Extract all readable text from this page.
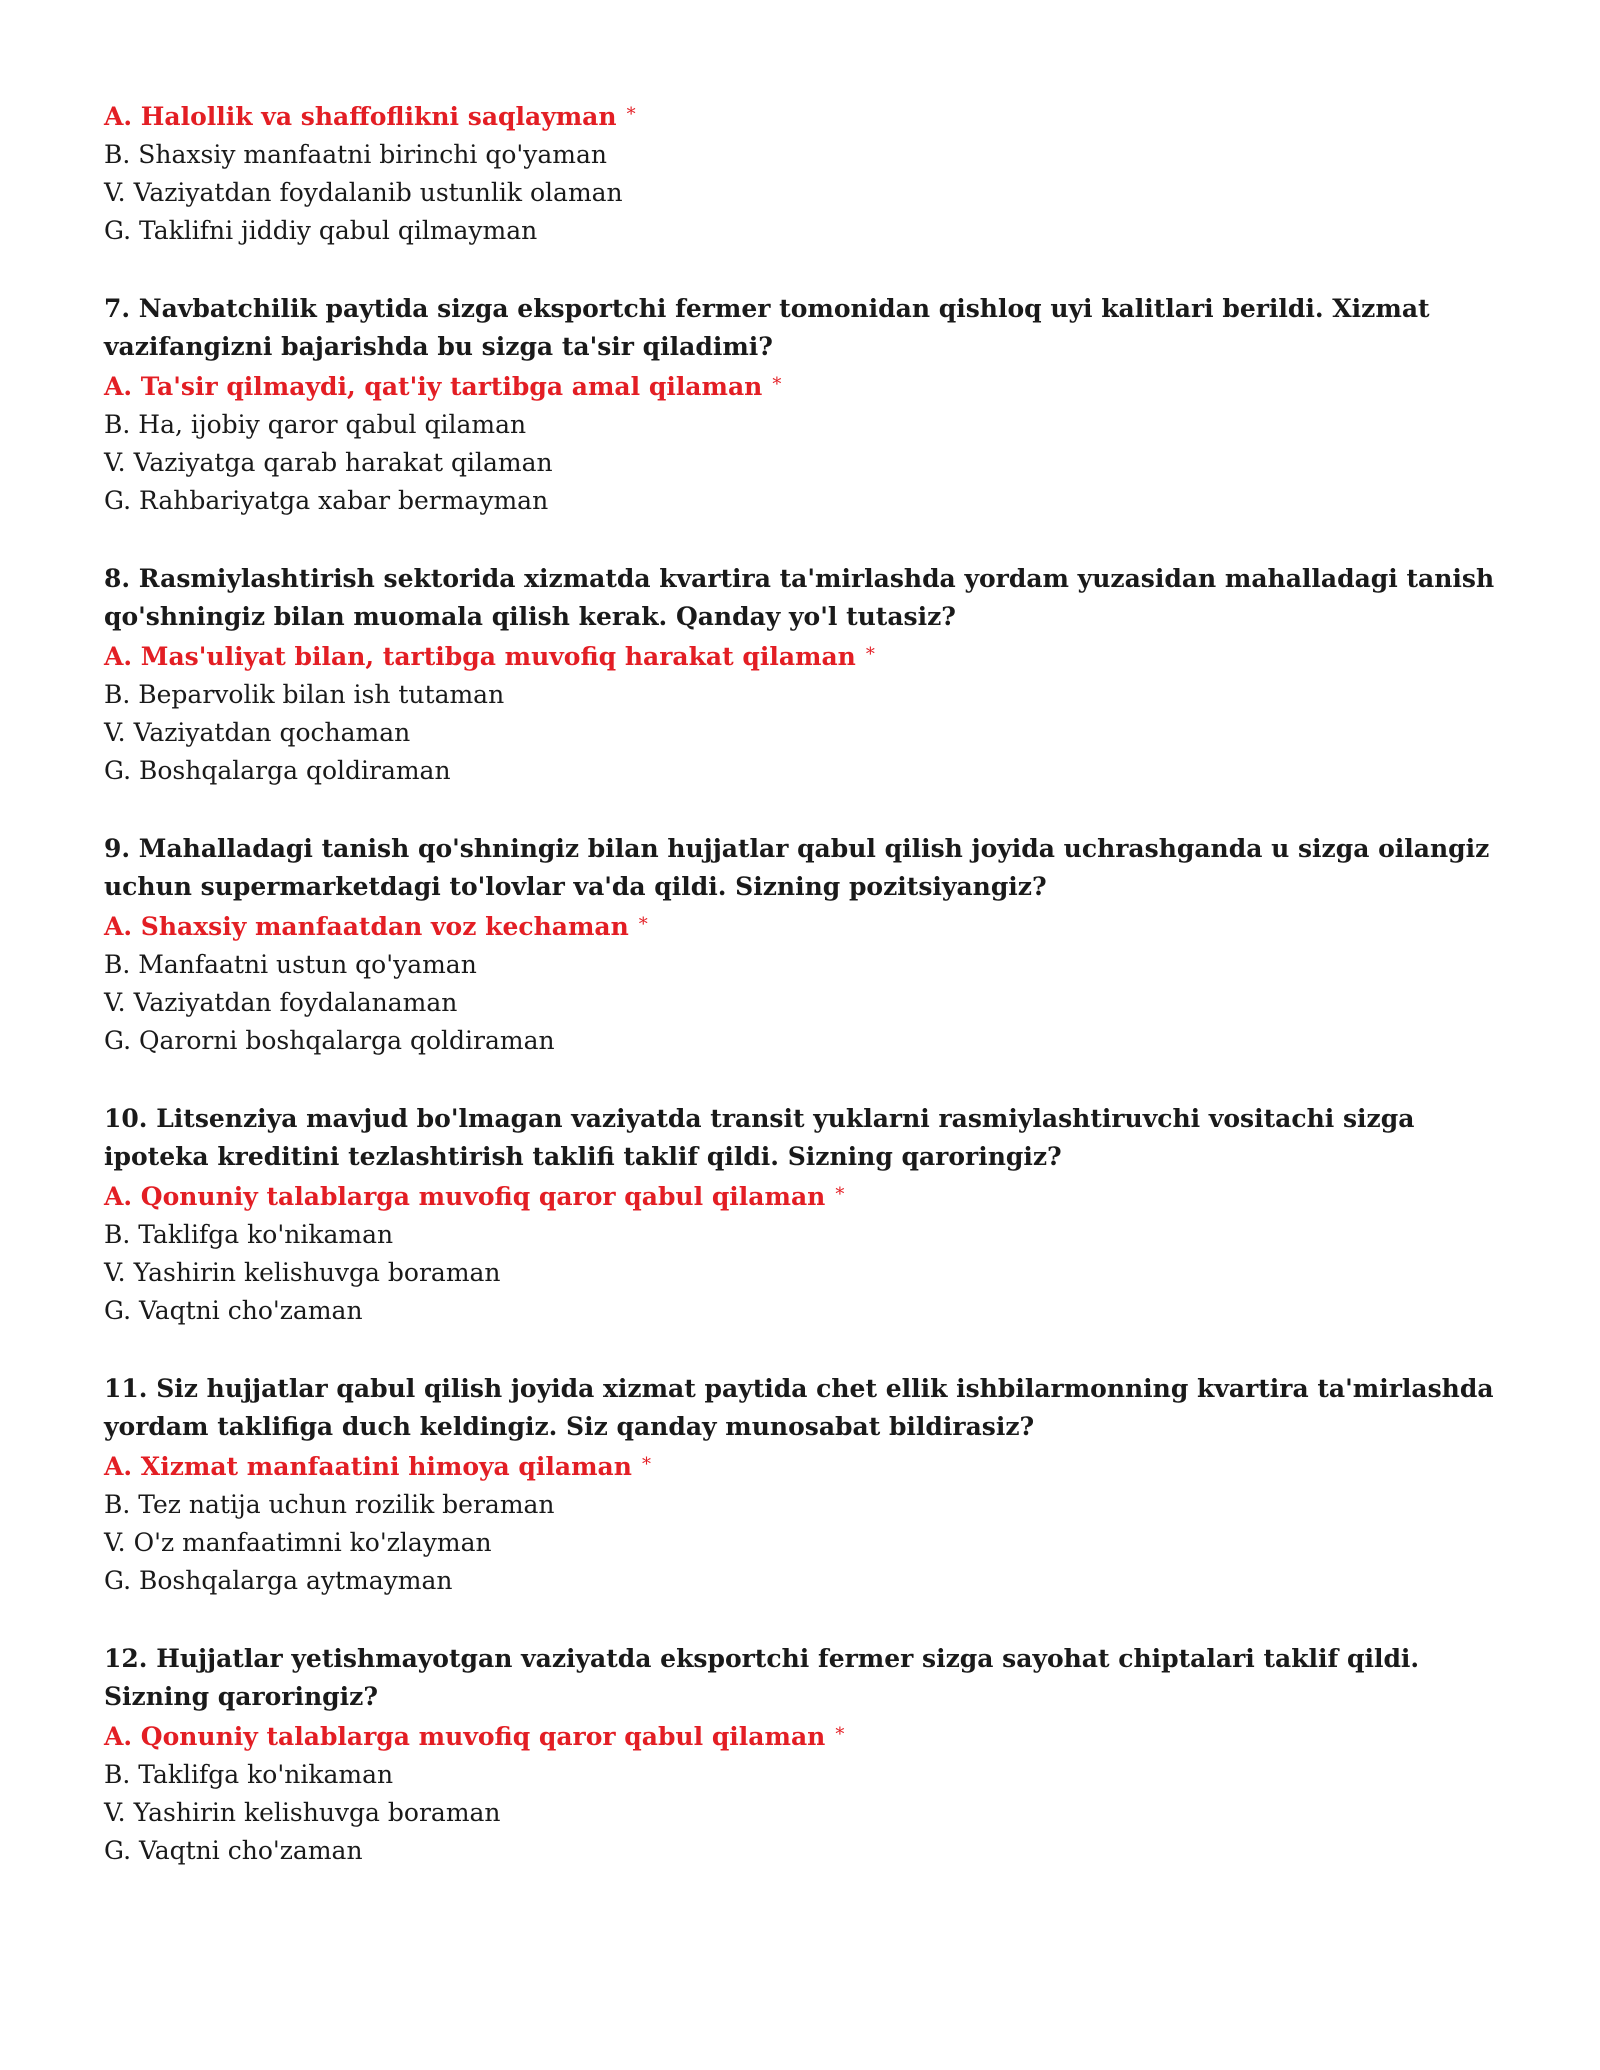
A. Halollik va shaffoflikni saqlayman *
B. Shaxsiy manfaatni birinchi qo'yaman
V. Vaziyatdan foydalanib ustunlik olaman
G. Taklifni jiddiy qabul qilmayman
7. Navbatchilik paytida sizga eksportchi fermer tomonidan qishloq uyi kalitlari berildi. Xizmat vazifangizni bajarishda bu sizga ta'sir qiladimi?
A. Ta'sir qilmaydi, qat'iy tartibga amal qilaman *
B. Ha, ijobiy qaror qabul qilaman
V. Vaziyatga qarab harakat qilaman
G. Rahbariyatga xabar bermayman
8. Rasmiylashtirish sektorida xizmatda kvartira ta'mirlashda yordam yuzasidan mahalladagi tanish qo'shningiz bilan muomala qilish kerak. Qanday yo'l tutasiz?
A. Mas'uliyat bilan, tartibga muvofiq harakat qilaman *
B. Beparvolik bilan ish tutaman
V. Vaziyatdan qochaman
G. Boshqalarga qoldiraman
9. Mahalladagi tanish qo'shningiz bilan hujjatlar qabul qilish joyida uchrashganda u sizga oilangiz uchun supermarketdagi to'lovlar va'da qildi. Sizning pozitsiyangiz?
A. Shaxsiy manfaatdan voz kechaman *
B. Manfaatni ustun qo'yaman
V. Vaziyatdan foydalanaman
G. Qarorni boshqalarga qoldiraman
10. Litsenziya mavjud bo'lmagan vaziyatda transit yuklarni rasmiylashtiruvchi vositachi sizga ipoteka kreditini tezlashtirish taklifi taklif qildi. Sizning qaroringiz?
A. Qonuniy talablarga muvofiq qaror qabul qilaman *
B. Taklifga ko'nikaman
V. Yashirin kelishuvga boraman
G. Vaqtni cho'zaman
11. Siz hujjatlar qabul qilish joyida xizmat paytida chet ellik ishbilarmonning kvartira ta'mirlashda yordam taklifiga duch keldingiz. Siz qanday munosabat bildirasiz?
A. Xizmat manfaatini himoya qilaman *
B. Tez natija uchun rozilik beraman
V. O'z manfaatimni ko'zlayman
G. Boshqalarga aytmayman
12. Hujjatlar yetishmayotgan vaziyatda eksportchi fermer sizga sayohat chiptalari taklif qildi. Sizning qaroringiz?
A. Qonuniy talablarga muvofiq qaror qabul qilaman *
B. Taklifga ko'nikaman
V. Yashirin kelishuvga boraman
G. Vaqtni cho'zaman
